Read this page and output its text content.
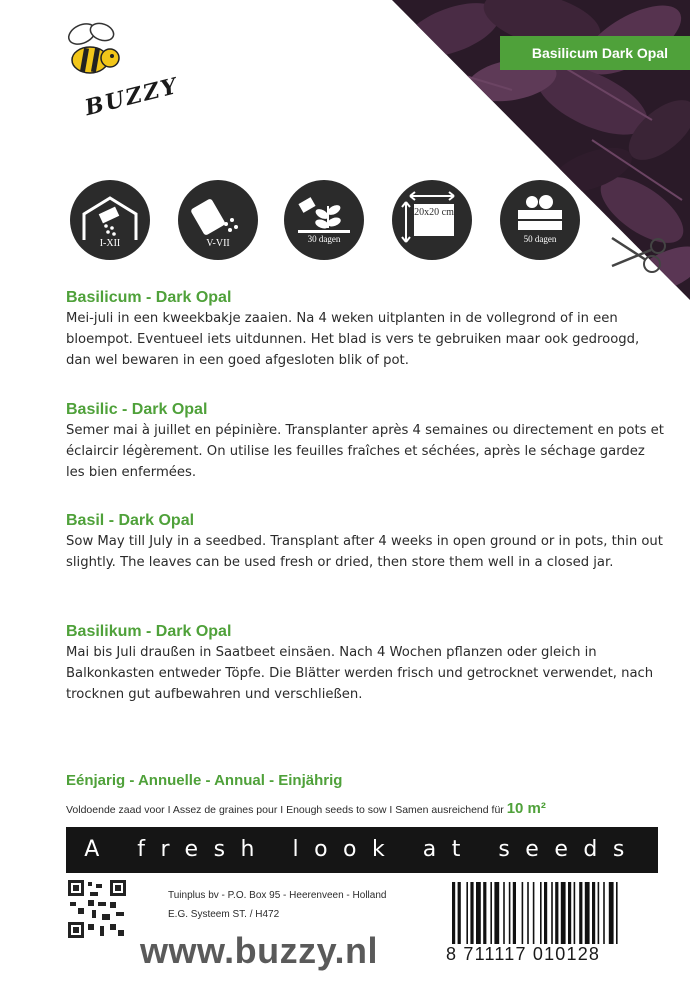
Basilicum Dark Opal
BUZZY
I-XII	V-VII	30 dagen
20x20 cm
50 dagen
Basilicum - Dark Opal

Mei-juli in een kweekbakje zaaien. Na 4 weken uitplanten in de vollegrond of in een bloempot. Eventueel iets uitdunnen. Het blad is vers te gebruiken maar ook gedroogd, dan wel bewaren in een goed afgesloten blik of pot.

Basilic - Dark Opal

Semer mai à juillet en pépinière. Transplanter après 4 semaines ou directement en pots et éclaircir légèrement. On utilise les feuilles fraîches et séchées, après le séchage gardez les bien enfermées.

Basil - Dark Opal

Sow May till July in a seedbed. Transplant after 4 weeks in open ground or in pots, thin out slightly. The leaves can be used fresh or dried, then store them well in a closed jar.

Basilikum - Dark Opal

Mai bis Juli draußen in Saatbeet einsäen. Nach 4 Wochen pflanzen oder gleich in Balkonkasten entweder Töpfe. Die Blätter werden frisch und getrocknet verwendet, nach trocknen gut aufbewahren und verschließen.

Eénjarig - Annuelle - Annual - Einjährig
Voldoende zaad voor I Assez de graines pour I Enough seeds to sow I Samen ausreichend für 10 m²
A fresh look at seeds
Tuinplus bv - P.O. Box 95 - Heerenveen - Holland
E.G. Systeem ST. / H472
www.buzzy.nl	8 711117 010128
